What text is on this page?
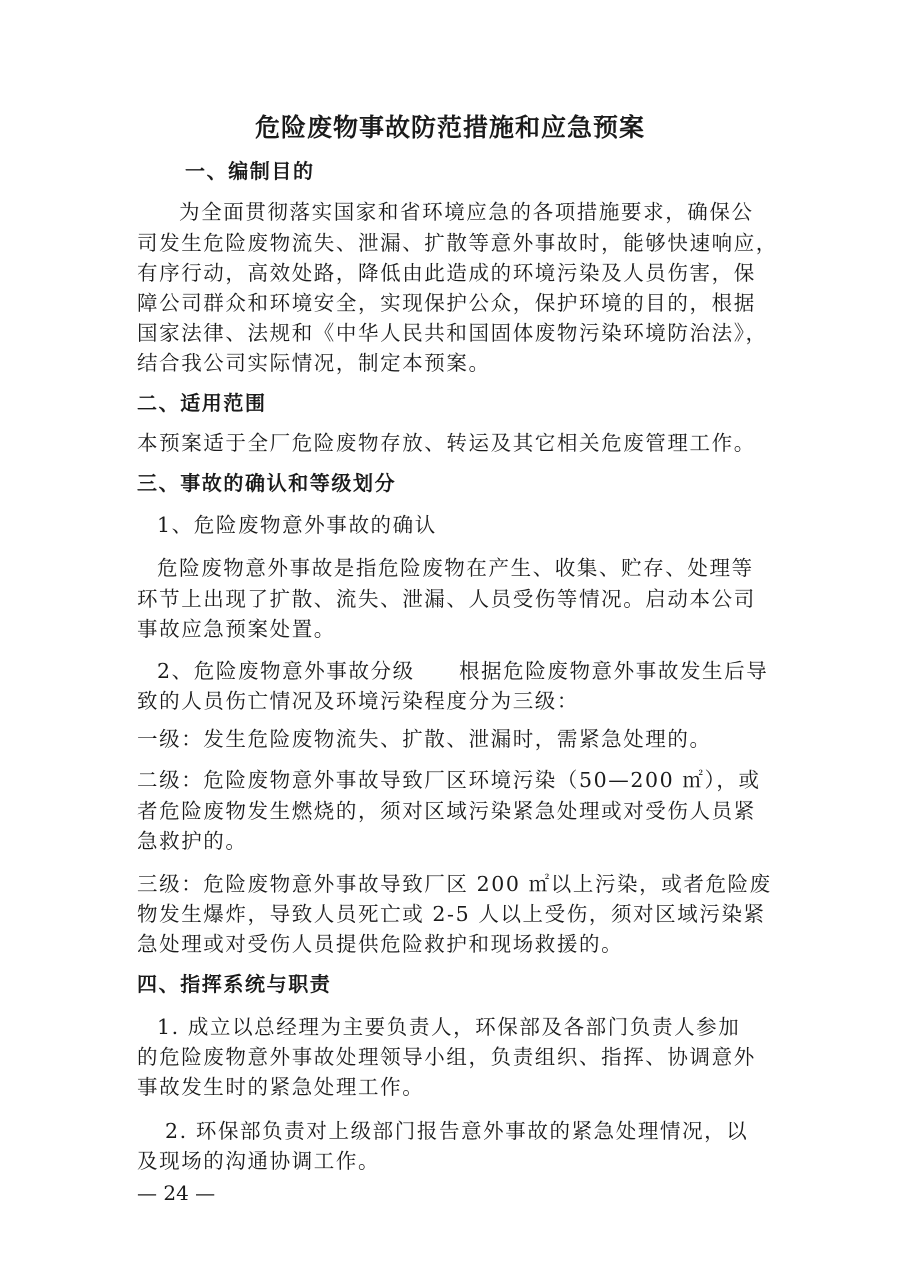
危险废物事故防范措施和应急预案
一、编制目的
为全面贯彻落实国家和省环境应急的各项措施要求，确保公
司发生危险废物流失、泄漏、扩散等意外事故时，能够快速响应，
有序行动，高效处路，降低由此造成的环境污染及人员伤害，保
障公司群众和环境安全，实现保护公众，保护环境的目的，根据
国家法律、法规和《中华人民共和国固体废物污染环境防治法》，
结合我公司实际情况，制定本预案。
二、适用范围
本预案适于全厂危险废物存放、转运及其它相关危废管理工作。
三、事故的确认和等级划分
1、危险废物意外事故的确认
危险废物意外事故是指危险废物在产生、收集、贮存、处理等
环节上出现了扩散、流失、泄漏、人员受伤等情况。启动本公司
事故应急预案处置。
2、危险废物意外事故分级　　根据危险废物意外事故发生后导
致的人员伤亡情况及环境污染程度分为三级：
一级：发生危险废物流失、扩散、泄漏时，需紧急处理的。
二级：危险废物意外事故导致厂区环境污染（50—200 ㎡），或
者危险废物发生燃烧的，须对区域污染紧急处理或对受伤人员紧
急救护的。
三级：危险废物意外事故导致厂区 200 ㎡以上污染，或者危险废
物发生爆炸，导致人员死亡或 2-5 人以上受伤，须对区域污染紧
急处理或对受伤人员提供危险救护和现场救援的。
四、指挥系统与职责
1. 成立以总经理为主要负责人，环保部及各部门负责人参加
的危险废物意外事故处理领导小组，负责组织、指挥、协调意外
事故发生时的紧急处理工作。
2. 环保部负责对上级部门报告意外事故的紧急处理情况，以
及现场的沟通协调工作。
— 24 —
